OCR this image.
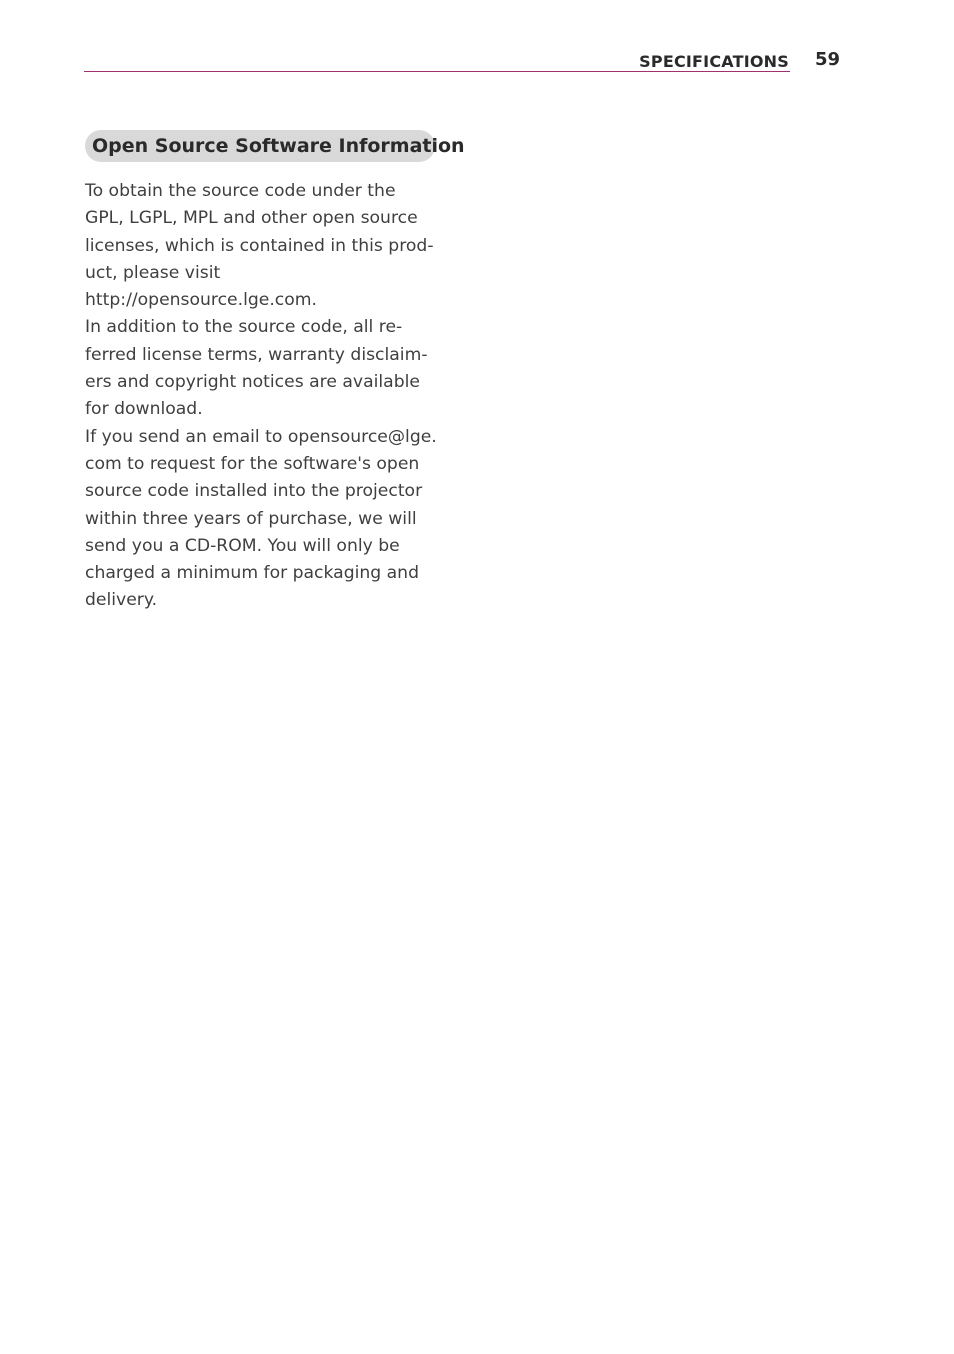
SPECIFICATIONS 59
Open Source Software Information

To obtain the source code under the
GPL, LGPL, MPL and other open source
licenses, which is contained in this prod-
uct, please visit
http://opensource.lge.com.
In addition to the source code, all re-
ferred license terms, warranty disclaim-
ers and copyright notices are available
for download.
If you send an email to opensource@lge.
com to request for the software's open
source code installed into the projector
within three years of purchase, we will
send you a CD-ROM. You will only be
charged a minimum for packaging and
delivery.
